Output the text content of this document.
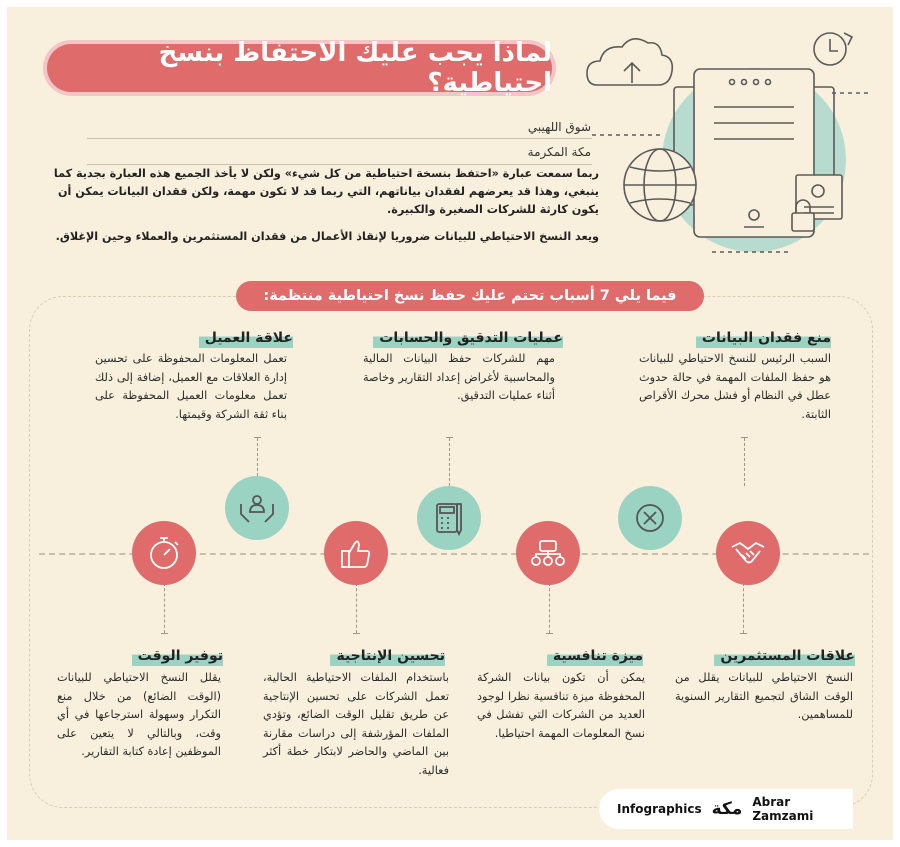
لماذا يجب عليك الاحتفاظ بنسخ احتياطية؟
شوق اللهيبي
مكة المكرمة
ربما سمعت عبارة «احتفظ بنسخة احتياطية من كل شيء» ولكن لا يأخذ الجميع هذه العبارة بجدية كما ينبغي، وهذا قد يعرضهم لفقدان بياناتهم، التي ربما قد لا تكون مهمة، ولكن فقدان البيانات يمكن أن يكون كارثة للشركات الصغيرة والكبيرة.
ويعد النسخ الاحتياطي للبيانات ضروريا لإنقاذ الأعمال من فقدان المستثمرين والعملاء وحين الإغلاق.
فيما يلي 7 أسباب تحتم عليك حفظ نسخ احتياطية منتظمة:
منع فقدان البيانات
السبب الرئيس للنسخ الاحتياطي للبيانات هو حفظ الملفات المهمة في حالة حدوث عطل في النظام أو فشل محرك الأقراص الثابتة.
عمليات التدقيق والحسابات
مهم للشركات حفظ البيانات المالية والمحاسبية لأغراض إعداد التقارير وخاصة أثناء عمليات التدقيق.
علاقة العميل
تعمل المعلومات المحفوظة على تحسين إدارة العلاقات مع العميل، إضافة إلى ذلك تعمل معلومات العميل المحفوظة على بناء ثقة الشركة وقيمتها.
علاقات المستثمرين
النسخ الاحتياطي للبيانات يقلل من الوقت الشاق لتجميع التقارير السنوية للمساهمين.
ميزة تنافسية
يمكن أن تكون بيانات الشركة المحفوظة ميزة تنافسية نظرا لوجود العديد من الشركات التي تفشل في نسخ المعلومات المهمة احتياطيا.
تحسين الإنتاجية
باستخدام الملفات الاحتياطية الحالية، تعمل الشركات على تحسين الإنتاجية عن طريق تقليل الوقت الضائع، وتؤدي الملفات المؤرشفة إلى دراسات مقارنة بين الماضي والحاضر لابتكار خطة أكثر فعالية.
توفير الوقت
يقلل النسخ الاحتياطي للبيانات (الوقت الضائع) من خلال منع التكرار وسهولة استرجاعها في أي وقت، وبالتالي لا يتعين على الموظفين إعادة كتابة التقارير.
Infographics مكة Abrar Zamzami
